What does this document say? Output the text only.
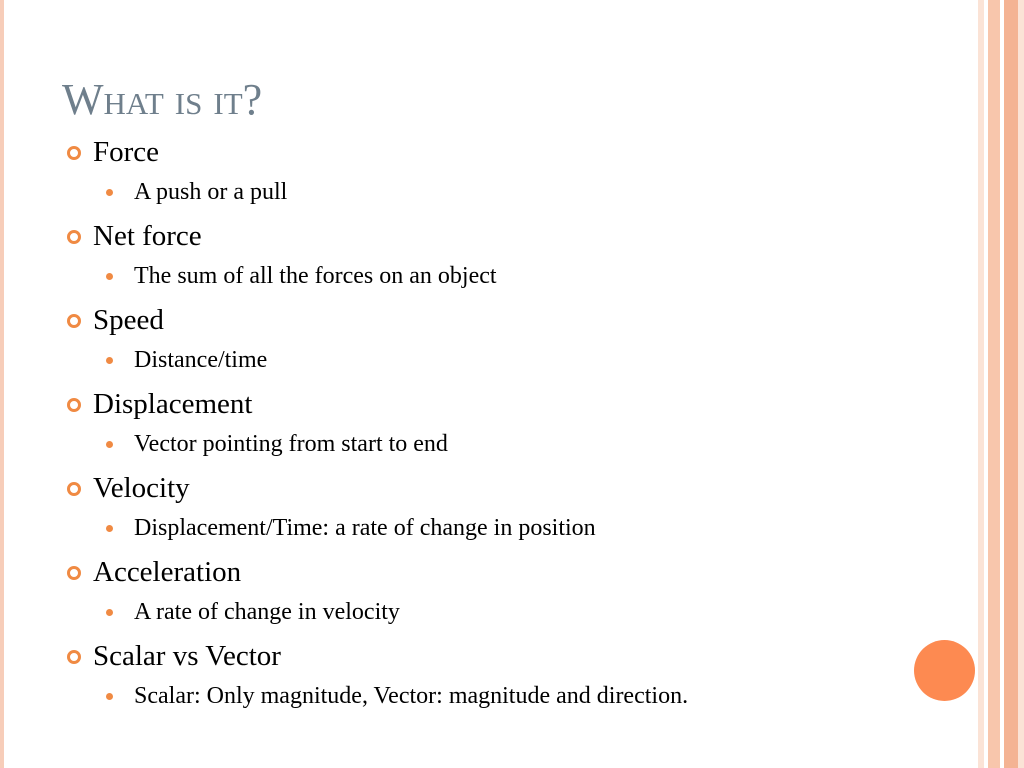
What is it?
Force
A push or a pull
Net force
The sum of all the forces on an object
Speed
Distance/time
Displacement
Vector pointing from start to end
Velocity
Displacement/Time: a rate of change in position
Acceleration
A rate of change in velocity
Scalar vs Vector
Scalar: Only magnitude, Vector: magnitude and direction.
